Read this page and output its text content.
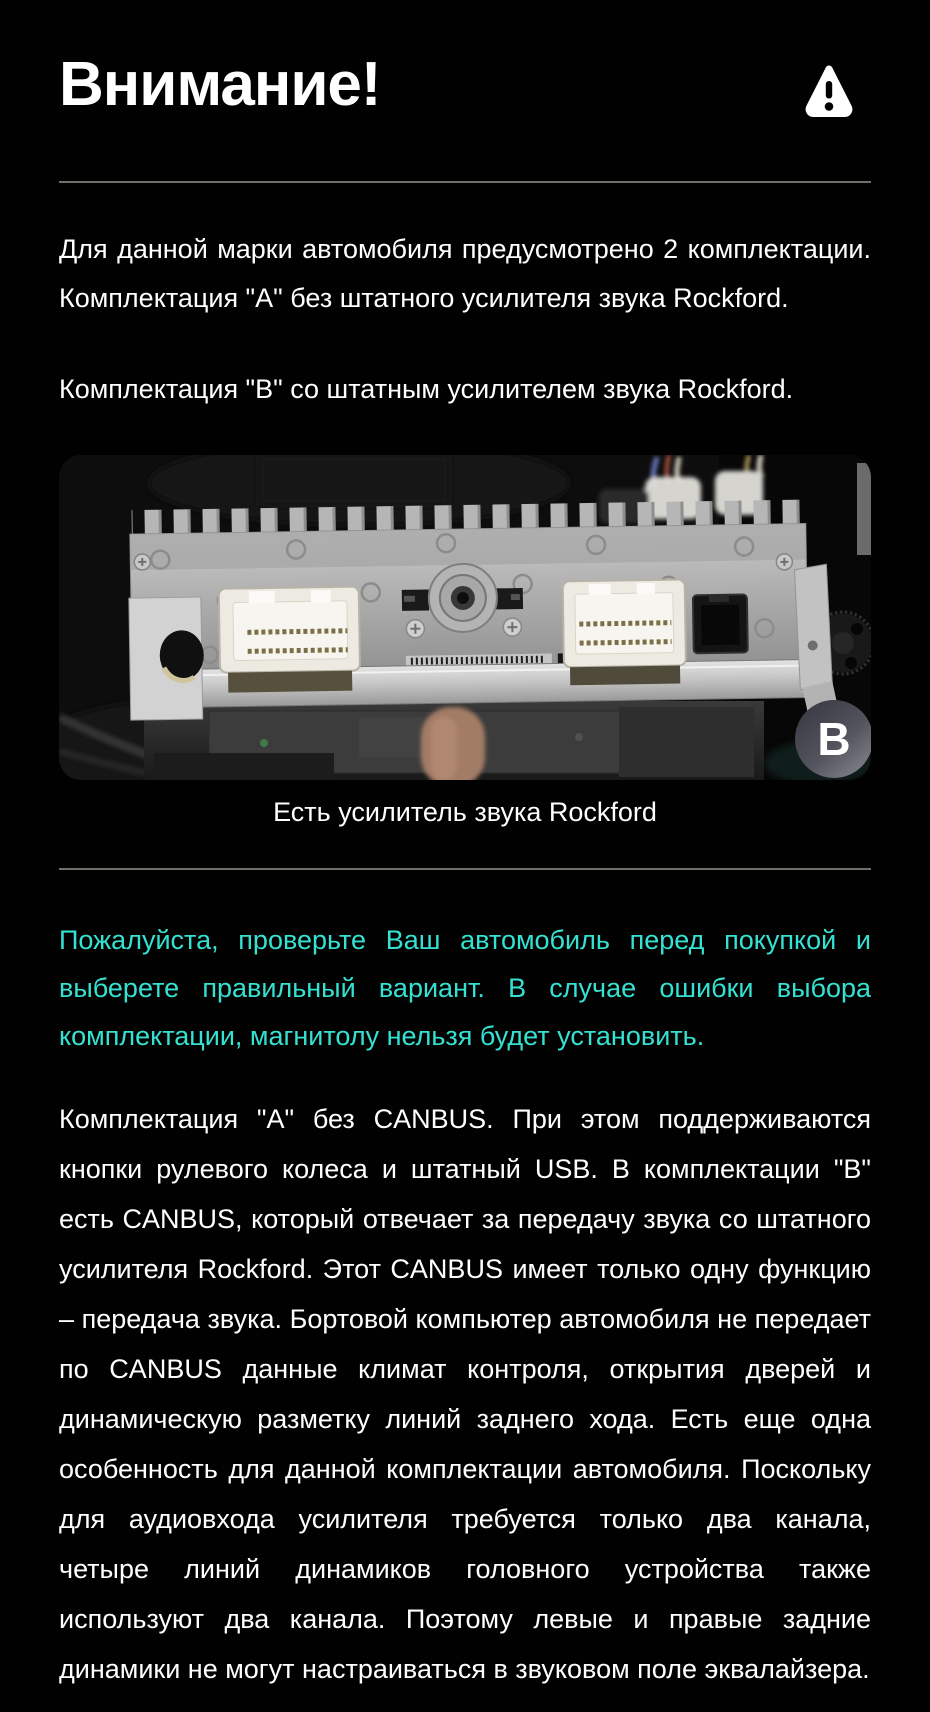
Внимание!

Для данной марки автомобиля предусмотрено 2 комплектации.
Комплектация "А" без штатного усилителя звука Rockford.

Комплектация "В" со штатным усилителем звука Rockford.

B
Есть усилитель звука Rockford

Пожалуйста, проверьте Ваш автомобиль перед покупкой и выберете правильный вариант. В случае ошибки выбора комплектации, магнитолу нельзя будет установить.

Комплектация "А" без CANBUS. При этом поддерживаются кнопки рулевого колеса и штатный USB. В комплектации "В" есть CANBUS, который отвечает за передачу звука со штатного усилителя Rockford. Этот CANBUS имеет только одну функцию – передача звука. Бортовой компьютер автомобиля не передает по CANBUS данные климат контроля, открытия дверей и динамическую разметку линий заднего хода. Есть еще одна особенность для данной комплектации автомобиля. Поскольку для аудиовхода усилителя требуется только два канала, четыре линий динамиков головного устройства также используют два канала. Поэтому левые и правые задние динамики не могут настраиваться в звуковом поле эквалайзера.
